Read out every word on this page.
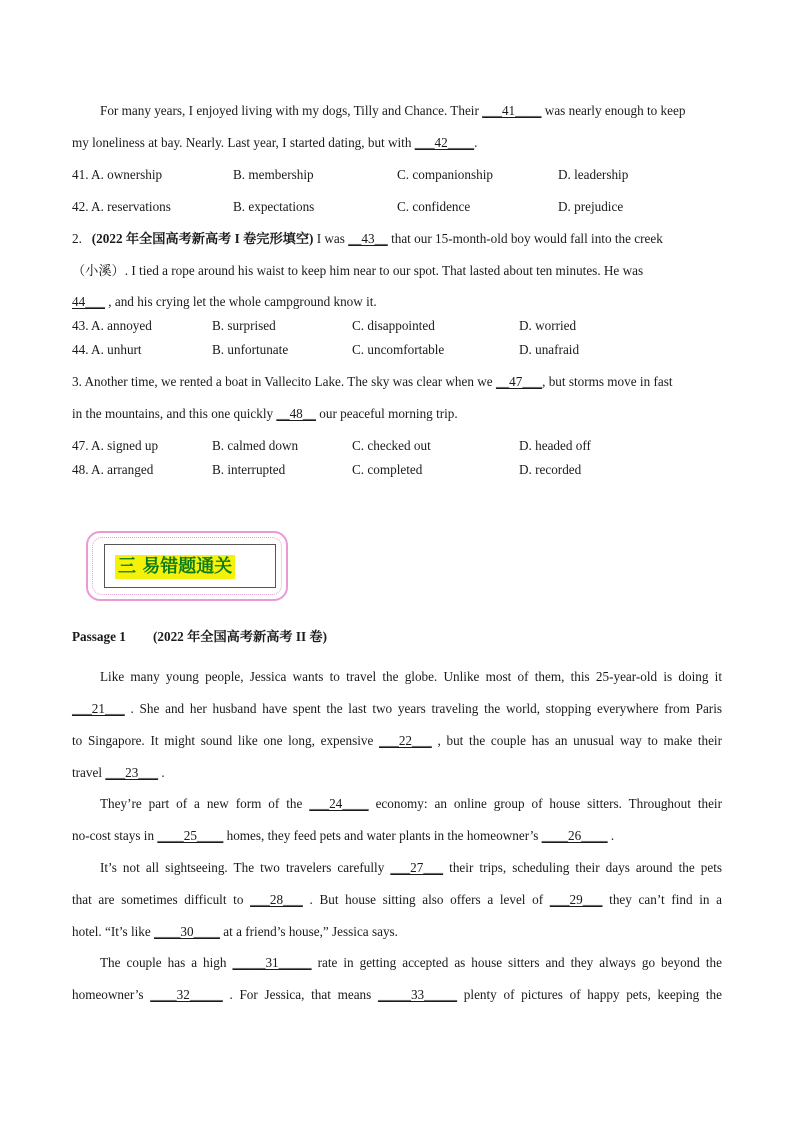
For many years, I enjoyed living with my dogs, Tilly and Chance. Their ___41____ was nearly enough to keep
my loneliness at bay. Nearly. Last year, I started dating, but with ___42____.
41. A. ownership	B. membership	C. companionship	D. leadership
42. A. reservations	B. expectations	C. confidence	D. prejudice
2. (2022 年全国高考新高考 I 卷完形填空) I was __43__ that our 15-month-old boy would fall into the creek
（小溪）. I tied a rope around his waist to keep him near to our spot. That lasted about ten minutes. He was
44___ , and his crying let the whole campground know it.
43. A. annoyed	B. surprised	C. disappointed	D. worried
44. A. unhurt	B. unfortunate	C. uncomfortable	D. unafraid
3. Another time, we rented a boat in Vallecito Lake. The sky was clear when we __47___, but storms move in fast
in the mountains, and this one quickly __48__ our peaceful morning trip.
47. A. signed up	B. calmed down	C. checked out	D. headed off
48. A. arranged	B. interrupted	C. completed	D. recorded
三 易错题通关
Passage 1 (2022 年全国高考新高考 II 卷)
Like many young people, Jessica wants to travel the globe. Unlike most of them, this 25-year-old is doing it
___21___ . She and her husband have spent the last two years traveling the world, stopping everywhere from Paris
to Singapore. It might sound like one long, expensive ___22___ , but the couple has an unusual way to make their
travel ___23___ .
They’re part of a new form of the ___24____ economy: an online group of house sitters. Throughout their
no-cost stays in ____25____ homes, they feed pets and water plants in the homeowner’s ____26____ .
It’s not all sightseeing. The two travelers carefully ___27___ their trips, scheduling their days around the pets
that are sometimes difficult to ___28___ . But house sitting also offers a level of ___29___ they can’t find in a
hotel. “It’s like ____30____ at a friend’s house,” Jessica says.
The couple has a high _____31_____ rate in getting accepted as house sitters and they always go beyond the
homeowner’s ____32_____ . For Jessica, that means _____33_____ plenty of pictures of happy pets, keeping the
